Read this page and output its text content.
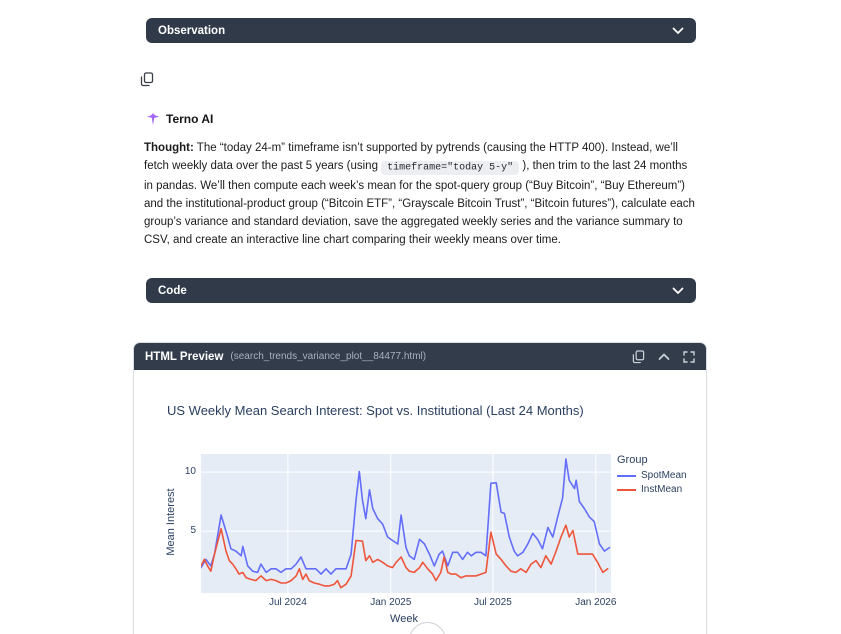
Observation
Terno AI

Thought: The “today 24-m” timeframe isn’t supported by pytrends (causing the HTTP 400). Instead, we’ll fetch weekly data over the past 5 years (using timeframe="today 5-y" ), then trim to the last 24 months in pandas. We’ll then compute each week’s mean for the spot-query group (“Buy Bitcoin”, “Buy Ethereum”) and the institutional-product group (“Bitcoin ETF”, “Grayscale Bitcoin Trust”, “Bitcoin futures”), calculate each group’s variance and standard deviation, save the aggregated weekly series and the variance summary to CSV, and create an interactive line chart comparing their weekly means over time.

Code
HTML Preview (search_trends_variance_plot__84477.html)
US Weekly Mean Search Interest: Spot vs. Institutional (Last 24 Months)
Mean Interest	5
10
Jul 2024	Jan 2025	Jul 2025	Jan 2026
Week
Group
SpotMean
InstMean
